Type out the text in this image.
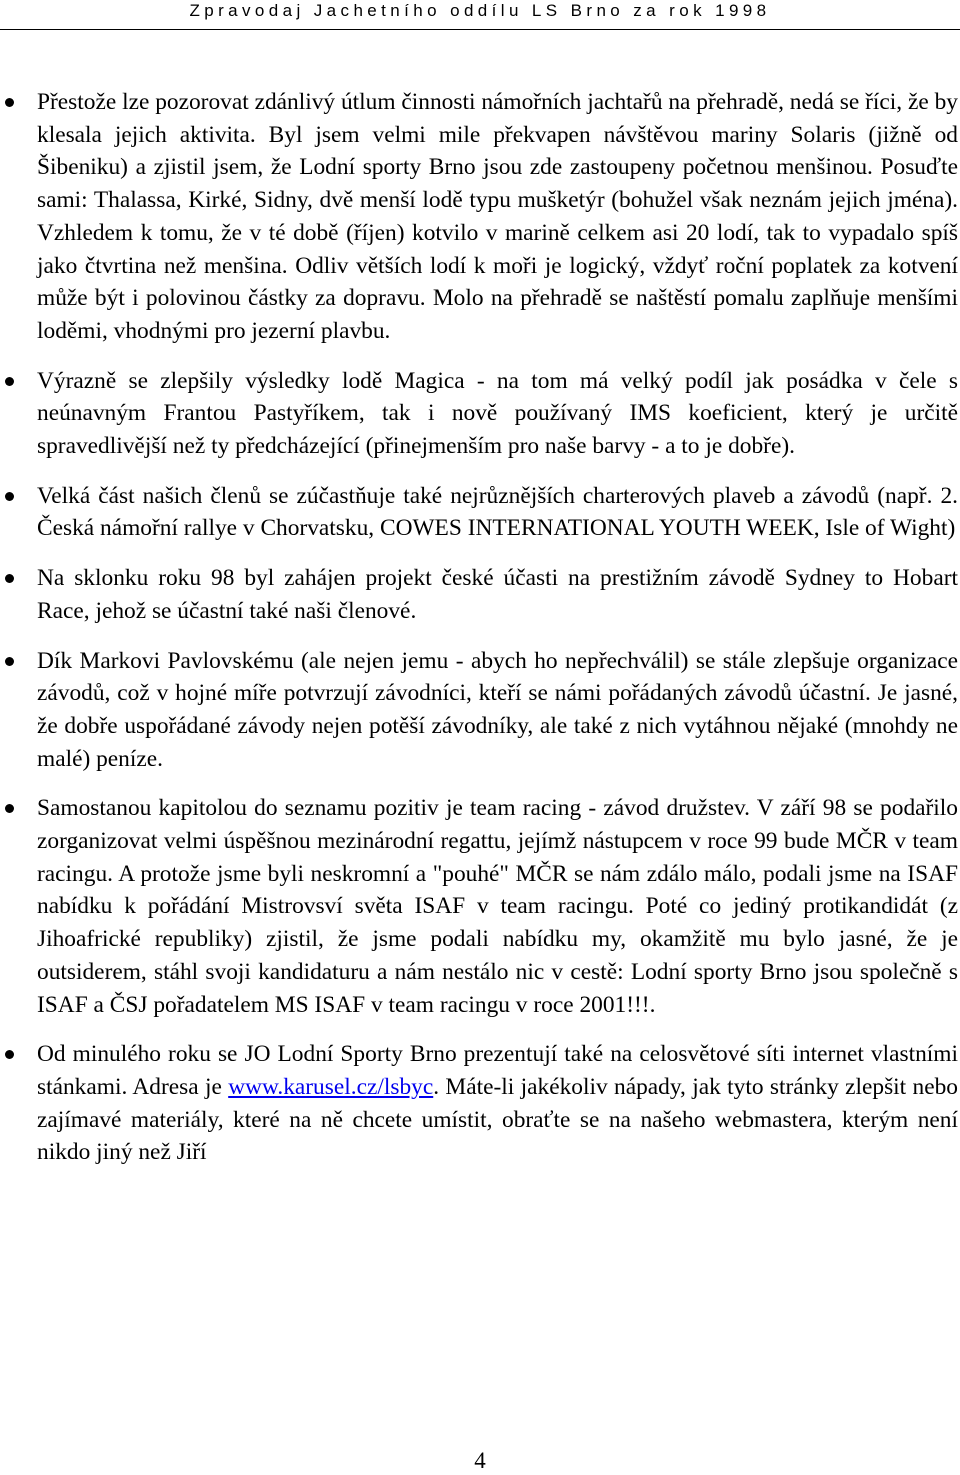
Zpravodaj Jachetního oddílu LS Brno za rok 1998
Přestože lze pozorovat zdánlivý útlum činnosti námořních jachtařů na přehradě, nedá se říci, že by klesala jejich aktivita. Byl jsem velmi mile překvapen návštěvou mariny Solaris (jižně od Šibeniku) a zjistil jsem, že Lodní sporty Brno jsou zde zastoupeny početnou menšinou. Posuďte sami: Thalassa, Kirké, Sidny, dvě menší lodě typu mušketýr (bohužel však neznám jejich jména). Vzhledem k tomu, že v té době (říjen) kotvilo v marině celkem asi 20 lodí, tak to vypadalo spíš jako čtvrtina než menšina. Odliv větších lodí k moři je logický, vždyť roční poplatek za kotvení může být i polovinou částky za dopravu. Molo na přehradě se naštěstí pomalu zaplňuje menšími loděmi, vhodnými pro jezerní plavbu.
Výrazně se zlepšily výsledky lodě Magica - na tom má velký podíl jak posádka v čele s neúnavným Frantou Pastyříkem, tak i nově používaný IMS koeficient, který je určitě spravedlivější než ty předcházející (přinejmenším pro naše barvy - a to je dobře).
Velká část našich členů se zúčastňuje také nejrůznějších charterových plaveb a závodů (např. 2. Česká námořní rallye v Chorvatsku, COWES INTERNATIONAL YOUTH WEEK, Isle of Wight)
Na sklonku roku 98 byl zahájen projekt české účasti na prestižním závodě Sydney to Hobart Race, jehož se účastní také naši členové.
Dík Markovi Pavlovskému (ale nejen jemu - abych ho nepřechválil) se stále zlepšuje organizace závodů, což v hojné míře potvrzují závodníci, kteří se námi pořádaných závodů účastní. Je jasné, že dobře uspořádané závody nejen potěší závodníky, ale také z nich vytáhnou nějaké (mnohdy ne malé) peníze.
Samostanou kapitolou do seznamu pozitiv je team racing - závod družstev. V září 98 se podařilo zorganizovat velmi úspěšnou mezinárodní regattu, jejímž nástupcem v roce 99 bude MČR v team racingu. A protože jsme byli neskromní a "pouhé" MČR se nám zdálo málo, podali jsme na ISAF nabídku k pořádání Mistrovsví světa ISAF v team racingu. Poté co jediný protikandidát (z Jihoafrické republiky) zjistil, že jsme podali nabídku my, okamžitě mu bylo jasné, že je outsiderem, stáhl svoji kandidaturu a nám nestálo nic v cestě: Lodní sporty Brno jsou společně s ISAF a ČSJ pořadatelem MS ISAF v team racingu v roce 2001!!!.
Od minulého roku se JO Lodní Sporty Brno prezentují také na celosvětové síti internet vlastními stánkami. Adresa je www.karusel.cz/lsbyc. Máte-li jakékoliv nápady, jak tyto stránky zlepšit nebo zajímavé materiály, které na ně chcete umístit, obraťte se na našeho webmastera, kterým není nikdo jiný než Jiří
4
